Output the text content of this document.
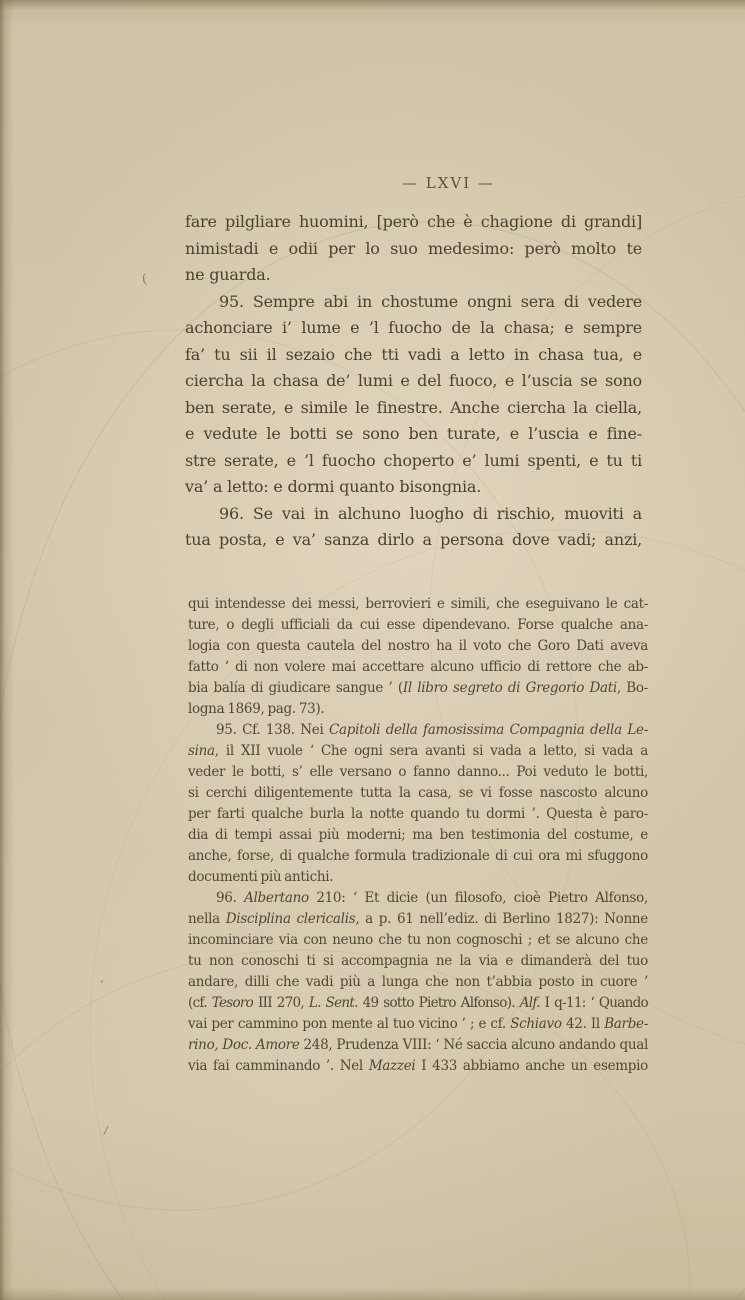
— LXVI —
fare pilgliare huomini, [però che è chagione di grandi]
nimistadi e odii per lo suo medesimo: però molto te
ne guarda.
95. Sempre abi in chostume ongni sera di vedere
achonciare i’ lume e ’l fuocho de la chasa; e sempre
fa’ tu sii il sezaio che tti vadi a letto in chasa tua, e
ciercha la chasa de’ lumi e del fuoco, e l’uscia se sono
ben serate, e simile le finestre. Anche ciercha la ciella,
e vedute le botti se sono ben turate, e l’uscia e fine-
stre serate, e ’l fuocho choperto e’ lumi spenti, e tu ti
va’ a letto: e dormi quanto bisongnia.
96. Se vai in alchuno luogho di rischio, muoviti a
tua posta, e va’ sanza dirlo a persona dove vadi; anzi,
qui intendesse dei messi, berrovieri e simili, che eseguivano le cat-
ture, o degli ufficiali da cui esse dipendevano. Forse qualche ana-
logia con questa cautela del nostro ha il voto che Goro Dati aveva
fatto ‘ di non volere mai accettare alcuno ufficio di rettore che ab-
bia balía di giudicare sangue ’ (Il libro segreto di Gregorio Dati, Bo-
logna 1869, pag. 73).
95. Cf. 138. Nei Capitoli della famosissima Compagnia della Le-
sina, il XII vuole ‘ Che ogni sera avanti si vada a letto, si vada a
veder le botti, s’ elle versano o fanno danno... Poi veduto le botti,
si cerchi diligentemente tutta la casa, se vi fosse nascosto alcuno
per farti qualche burla la notte quando tu dormi ’. Questa è paro-
dia di tempi assai più moderni; ma ben testimonia del costume, e
anche, forse, di qualche formula tradizionale di cui ora mi sfuggono
documenti più antichi.
96. Albertano 210: ‘ Et dicie (un filosofo, cioè Pietro Alfonso,
nella Disciplina clericalis, a p. 61 nell’ediz. di Berlino 1827): Nonne
incominciare via con neuno che tu non cognoschi ; et se alcuno che
tu non conoschi ti si accompagnia ne la via e dimanderà del tuo
andare, dilli che vadi più a lunga che non t’abbia posto in cuore ’
(cf. Tesoro III 270, L. Sent. 49 sotto Pietro Alfonso). Alf. I q-11: ‘ Quando
vai per cammino pon mente al tuo vicino ’ ; e cf. Schiavo 42. Il Barbe-
rino, Doc. Amore 248, Prudenza VIII: ‘ Né saccia alcuno andando qual
via fai camminando ’. Nel Mazzei I 433 abbiamo anche un esempio
(
’
/
